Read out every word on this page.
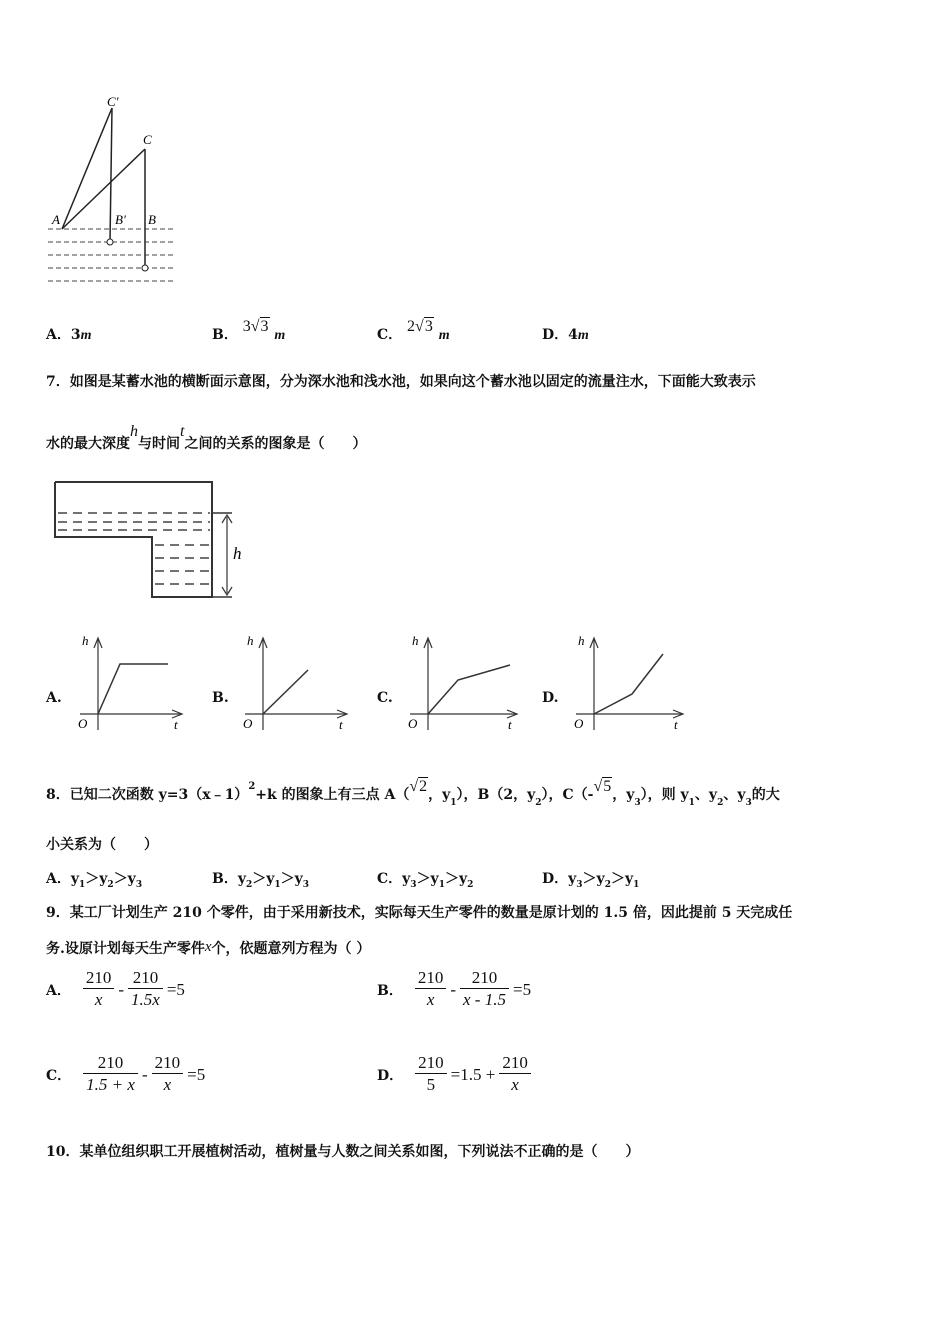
C'
C
A	B' B
A．3m	B． 3√3 m	C． 2√3 m	D．4m
7．如图是某蓄水池的横断面示意图，分为深水池和浅水池，如果向这个蓄水池以固定的流量注水，下面能大致表示
水的最大深度h与时间t之间的关系的图象是（　　）
h
A.
h
O	t
B.
h
O	t
C.
h
O	t
D.
h
O	t
8．已知二次函数 y=3（x﹣1）$^2$+k 的图象上有三点 A（√2，$y_1$），B（2，$y_2$），C（-√5，$y_3$），则 $y_1$、$y_2$、$y_3$的大
小关系为（　　）
A．$y_1>y_2>y_3$	B．$y_2>y_1>y_3$	C．$y_3>y_1>y_2$	D．$y_3>y_2>y_1$
9．某工厂计划生产 210 个零件，由于采用新技术，实际每天生产零件的数量是原计划的 1.5 倍，因此提前 5 天完成任
务.设原计划每天生产零件x个，依题意列方程为（ ）
A． $\frac{210}{x} - \frac{210}{1.5x} =5$	B． $\frac{210}{x} - \frac{210}{x - 1.5} =5$
C． $\frac{210}{1.5 + x} - \frac{210}{x} =5$	D． $\frac{210}{5} =1.5 + \frac{210}{x}$
10．某单位组织职工开展植树活动，植树量与人数之间关系如图，下列说法不正确的是（　　）
